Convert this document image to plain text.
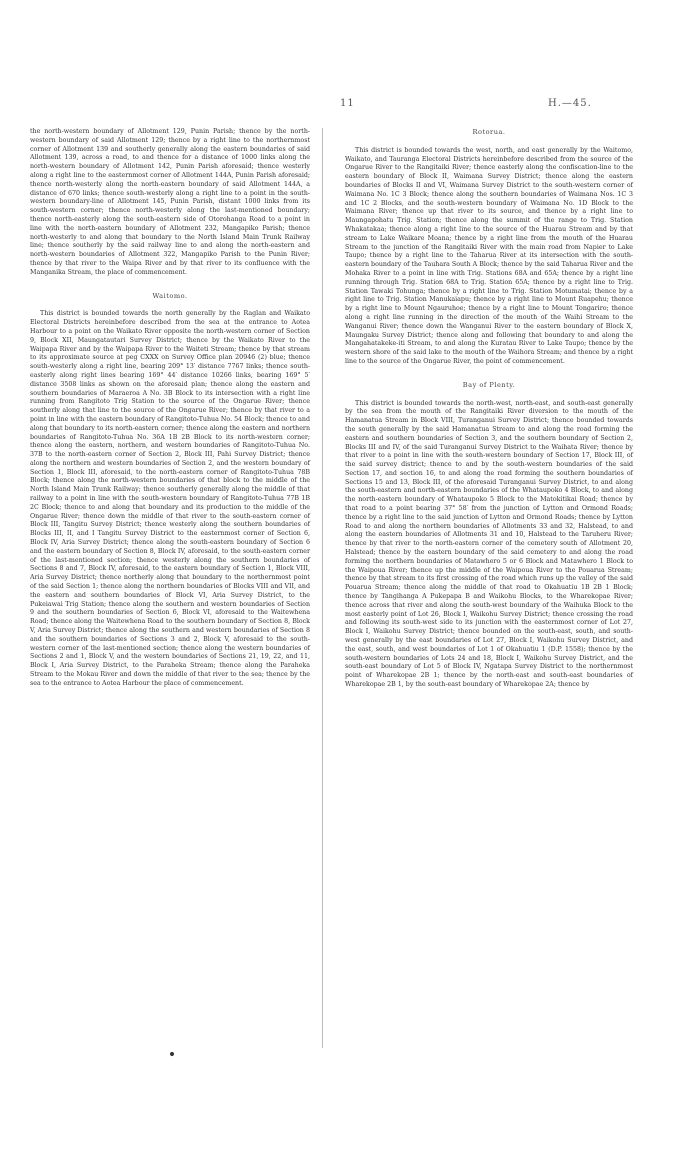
11	H.—45.

the north-western boundary of Allotment 129, Punin Parish; thence by the north-western boundary of said Allotment 129; thence by a right line to the northernmost corner of Allotment 139 and southerly generally along the eastern boundaries of said Allotment 139, across a road, to and thence for a distance of 1000 links along the north-western boundary of Allotment 142, Punin Parish aforesaid; thence westerly along a right line to the easternmost corner of Allotment 144A, Punin Parish aforesaid; thence north-westerly along the north-eastern boundary of said Allotment 144A, a distance of 670 links; thence south-westerly along a right line to a point in the south-western boundary-line of Allotment 145, Punin Parish, distant 1000 links from its south-western corner; thence north-westerly along the last-mentioned boundary; thence north-easterly along the south-eastern side of Otorohanga Road to a point in line with the north-eastern boundary of Allotment 232, Mangapiko Parish; thence north-westerly to and along that boundary to the North Island Main Trunk Railway line; thence southerly by the said railway line to and along the north-eastern and north-western boundaries of Allotment 322, Mangapiko Parish to the Punin River; thence by that river to the Waipa River and by that river to its confluence with the Manganika Stream, the place of commencement.

Waitomo.

This district is bounded towards the north generally by the Raglan and Waikato Electoral Districts hereinbefore described from the sea at the entrance to Aotea Harbour to a point on the Waikato River opposite the north-western corner of Section 9, Block XII, Maungatautari Survey District; thence by the Waikato River to the Waipapa River and by the Waipapa River to the Waiteti Stream; thence by that stream to its approximate source at peg CXXX on Survey Office plan 20946 (2) blue; thence south-westerly along a right line, bearing 209° 13′ distance 7767 links; thence south-easterly along right lines bearing 169° 44′ distance 10266 links, bearing 169° 5′ distance 3508 links as shown on the aforesaid plan; thence along the eastern and southern boundaries of Maraeroa A No. 3B Block to its intersection with a right line running from Rangitoto Trig Station to the source of the Ongarue River; thence southerly along that line to the source of the Ongarue River; thence by that river to a point in line with the eastern boundary of Rangitoto-Tuhua No. 54 Block; thence to and along that boundary to its north-eastern corner; thence along the eastern and northern boundaries of Rangitoto-Tuhua No. 36A 1B 2B Block to its north-western corner; thence along the eastern, northern, and western boundaries of Rangitoto-Tuhua No. 37B to the north-eastern corner of Section 2, Block III, Pahi Survey District; thence along the northern and western boundaries of Section 2, and the western boundary of Section 1, Block III, aforesaid, to the north-eastern corner of Rangitoto-Tuhua 78B Block; thence along the north-western boundaries of that block to the middle of the North Island Main Trunk Railway; thence southerly generally along the middle of that railway to a point in line with the south-western boundary of Rangitoto-Tuhua 77B 1B 2C Block; thence to and along that boundary and its production to the middle of the Ongarue River; thence down the middle of that river to the south-eastern corner of Block III, Tangitu Survey District; thence westerly along the southern boundaries of Blocks III, II, and I Tangitu Survey District to the easternmost corner of Section 6, Block IV, Aria Survey District; thence along the south-eastern boundary of Section 6 and the eastern boundary of Section 8, Block IV, aforesaid, to the south-eastern corner of the last-mentioned section; thence westerly along the southern boundaries of Sections 8 and 7, Block IV, aforesaid, to the eastern boundary of Section 1, Block VIII, Aria Survey District; thence northerly along that boundary to the northernmost point of the said Section 1; thence along the northern boundaries of Blocks VIII and VII, and the eastern and southern boundaries of Block VI, Aria Survey District, to the Pukeiawai Trig Station; thence along the southern and western boundaries of Section 9 and the southern boundaries of Section 6, Block VI, aforesaid to the Waitewhena Road; thence along the Waitewhena Road to the southern boundary of Section 8, Block V, Aria Survey District; thence along the southern and western boundaries of Section 8 and the southern boundaries of Sections 3 and 2, Block V, aforesaid to the south-western corner of the last-mentioned section; thence along the western boundaries of Sections 2 and 1, Block V, and the western boundaries of Sections 21, 19, 22, and 11, Block I, Aria Survey District, to the Paraheka Stream; thence along the Paraheka Stream to the Mokau River and down the middle of that river to the sea; thence by the sea to the entrance to Aotea Harbour the place of commencement.

Rotorua.

This district is bounded towards the west, north, and east generally by the Waitomo, Waikato, and Tauranga Electoral Districts hereinbefore described from the source of the Ongarue River to the Rangitaiki River; thence easterly along the confiscation-line to the eastern boundary of Block II, Waimana Survey District; thence along the eastern boundaries of Blocks II and VI, Waimana Survey District to the south-western corner of Waimana No. 1C 3 Block; thence along the southern boundaries of Waimana Nos. 1C 3 and 1C 2 Blocks, and the south-western boundary of Waimana No. 1D Block to the Waimana River; thence up that river to its source, and thence by a right line to Maungapohatu Trig. Station; thence along the summit of the range to Trig. Station Whakatakaa; thence along a right line to the source of the Huarau Stream and by that stream to Lake Waikare Moana; thence by a right line from the mouth of the Huarau Stream to the junction of the Rangitaiki River with the main road from Napier to Lake Taupo; thence by a right line to the Taharua River at its intersection with the south-eastern boundary of the Tauhara South A Block; thence by the said Taharua River and the Mohaka River to a point in line with Trig. Stations 68A and 65A; thence by a right line running through Trig. Station 68A to Trig. Station 65A; thence by a right line to Trig. Station Tawaki Tohunga; thence by a right line to Trig. Station Motumatai; thence by a right line to Trig. Station Manukaiapu; thence by a right line to Mount Ruapehu; thence by a right line to Mount Ngauruhoe; thence by a right line to Mount Tongariro; thence along a right line running in the direction of the mouth of the Waihi Stream to the Wanganui River; thence down the Wanganui River to the eastern boundary of Block X, Maungaku Survey District; thence along and following that boundary to and along the Mangahatakeke-iti Stream, to and along the Kuratau River to Lake Taupo; thence by the western shore of the said lake to the mouth of the Waihora Stream; and thence by a right line to the source of the Ongarue River, the point of commencement.

Bay of Plenty.

This district is bounded towards the north-west, north-east, and south-east generally by the sea from the mouth of the Rangitaiki River diversion to the mouth of the Hamanatua Stream in Block VIII, Turanganui Survey District; thence bounded towards the south generally by the said Hamanatua Stream to and along the road forming the eastern and southern boundaries of Section 3, and the southern boundary of Section 2, Blocks III and IV, of the said Turanganui Survey District to the Waihata River; thence by that river to a point in line with the south-western boundary of Section 17, Block III, of the said survey district; thence to and by the south-western boundaries of the said Section 17, and section 16, to and along the road forming the southern boundaries of Sections 15 and 13, Block III, of the aforesaid Turanganui Survey District, to and along the south-eastern and north-eastern boundaries of the Whataupoko 4 Block, to and along the north-eastern boundary of Whataupoko 5 Block to the Matokitikai Road; thence by that road to a point bearing 37° 58′ from the junction of Lytton and Ormond Roads; thence by a right line to the said junction of Lytton and Ormond Roads; thence by Lytton Road to and along the northern boundaries of Allotments 33 and 32, Halstead, to and along the eastern boundaries of Allotments 31 and 10, Halstead to the Taruheru River; thence by that river to the north-eastern corner of the cemetery south of Allotment 20, Halstead; thence by the eastern boundary of the said cemetery to and along the road forming the northern boundaries of Matawhero 5 or 6 Block and Matawhero 1 Block to the Waipoua River; thence up the middle of the Waipoua River to the Pouarua Stream; thence by that stream to its first crossing of the road which runs up the valley of the said Pouarua Stream; thence along the middle of that road to Okahuatiu 1B 2B 1 Block; thence by Tangihanga A Pukepapa B and Waikohu Blocks, to the Wharekopae River; thence across that river and along the south-west boundary of the Waihuka Block to the most easterly point of Lot 26, Block I, Waikohu Survey District; thence crossing the road and following its south-west side to its junction with the easternmost corner of Lot 27, Block I, Waikohu Survey District; thence bounded on the south-east, south, and south-west generally by the east boundaries of Lot 27, Block I, Waikohu Survey District, and the east, south, and west boundaries of Lot 1 of Okahuatiu 1 (D.P. 1558); thence by the south-western boundaries of Lots 24 and 18, Block I, Waikohu Survey District, and the south-east boundary of Lot 5 of Block IV, Ngatapa Survey District to the northernmost point of Wharekopae 2B 1; thence by the north-east and south-east boundaries of Wharekopae 2B 1, by the south-east boundary of Wharekopae 2A; thence by
